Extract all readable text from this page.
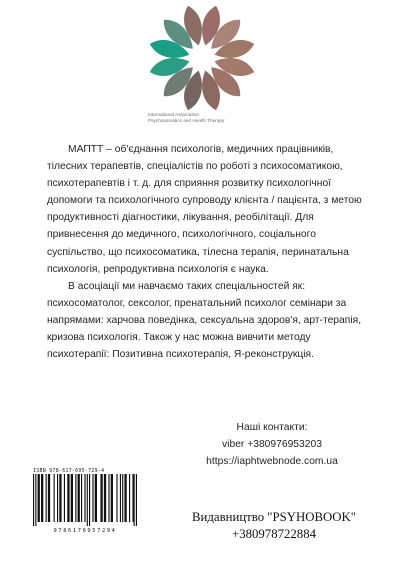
International Association
Psychosomatics and Health Therapy

МАПТТ – об'єднання психологів, медичних працівників, тілесних терапевтів, спеціалістів по роботі з психосоматикою, психотерапевтів і т. д. для сприяння розвитку психологічної допомоги та психологічного супроводу клієнта / пацієнта, з метою продуктивності діагностики, лікування, реобілітації. Для привнесення до медичного, психологічного, соціального суспільство, що психосоматика, тілесна терапія, перинатальна психологія, репродуктивна психологія є наука.

В асоціації ми навчаємо таких спеціальностей як: психосоматолог, сексолог, пренатальний психолог семінари за напрямами: харчова поведінка, сексуальна здоров'я, арт-терапія, кризова психологія. Також у нас можна вивчити методу психотерапії: Позитивна психотерапія, Я-реконструкція.

Наші контакти:
viber +380976953203
https://iaphtwebnode.com.ua
ISBN 978-617-695-729-4
9786176957294
Видавництво "PSYHOBOOK"
+380978722884
